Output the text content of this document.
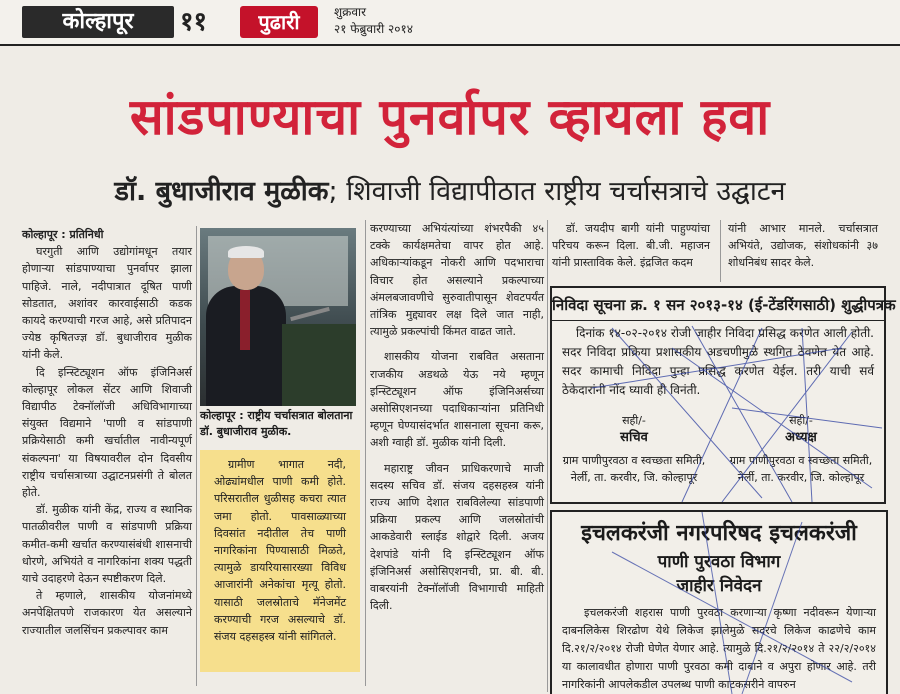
कोल्हापूर	११	पुढारी	शुक्रवार
२१ फेब्रुवारी २०१४
सांडपाण्याचा पुनर्वापर व्हायला हवा
डॉ. बुधाजीराव मुळीक; शिवाजी विद्यापीठात राष्ट्रीय चर्चासत्राचे उद्घाटन

कोल्हापूर : प्रतिनिधी

घरगुती आणि उद्योगांमधून तयार होणाऱ्या सांडपाण्याचा पुनर्वापर झाला पाहिजे. नाले, नदीपात्रात दूषित पाणी सोडतात, अशांवर कारवाईसाठी कडक कायदे करण्याची गरज आहे, असे प्रतिपादन ज्येष्ठ कृषितज्ज्ञ डॉ. बुधाजीराव मुळीक यांनी केले.

दि इन्स्टिट्यूशन ऑफ इंजिनिअर्स कोल्हापूर लोकल सेंटर आणि शिवाजी विद्यापीठ टेक्नॉलॉजी अधिविभागाच्या संयुक्त विद्यमाने 'पाणी व सांडपाणी प्रक्रियेसाठी कमी खर्चातील नावीन्यपूर्ण संकल्पना' या विषयावरील दोन दिवसीय राष्ट्रीय चर्चासत्राच्या उद्घाटनप्रसंगी ते बोलत होते.

डॉ. मुळीक यांनी केंद्र, राज्य व स्थानिक पातळीवरील पाणी व सांडपाणी प्रक्रिया कमीत-कमी खर्चात करण्यासंबंधी शासनाची धोरणे, अभियंते व नागरिकांना शक्य पद्धती याचे उदाहरणे देऊन स्पष्टीकरण दिले.

ते म्हणाले, शासकीय योजनांमध्ये अनपेक्षितपणे राजकारण येत असल्याने राज्यातील जलसिंचन प्रकल्पावर काम

कोल्हापूर : राष्ट्रीय चर्चासत्रात बोलताना डॉ. बुधाजीराव मुळीक.
ग्रामीण भागात नदी, ओढ्यांमधील पाणी कमी होते. परिसरातील धुळीसह कचरा त्यात जमा होतो. पावसाळ्याच्या दिवसांत नदीतील तेच पाणी नागरिकांना पिण्यासाठी मिळते, त्यामुळे डायरियासारख्या विविध आजारांनी अनेकांचा मृत्यू होतो. यासाठी जलस्रोताचे मॅनेजमेंट करण्याची गरज असल्याचे डॉ. संजय दहसहस्त्र यांनी सांगितले.

करण्याच्या अभियंत्यांच्या शंभरपैकी ४५ टक्के कार्यक्षमतेचा वापर होत आहे. अधिकाऱ्यांकडून नोकरी आणि पदभाराचा विचार होत असल्याने प्रकल्पाच्या अंमलबजावणीचे सुरुवातीपासून शेवटपर्यंत तांत्रिक मुद्द्यावर लक्ष दिले जात नाही, त्यामुळे प्रकल्पांची किंमत वाढत जाते.

शासकीय योजना राबवित असताना राजकीय अडथळे येऊ नये म्हणून इन्स्टिट्यूशन ऑफ इंजिनिअर्सच्या असोसिएशनच्या पदाधिकाऱ्यांना प्रतिनिधी म्हणून घेण्यासंदर्भात शासनाला सूचना करू, अशी ग्वाही डॉ. मुळीक यांनी दिली.

महाराष्ट्र जीवन प्राधिकरणाचे माजी सदस्य सचिव डॉ. संजय दहसहस्त्र यांनी राज्य आणि देशात राबविलेल्या सांडपाणी प्रक्रिया प्रकल्प आणि जलस्रोतांची आकडेवारी स्लाईड शोद्वारे दिली. अजय देशपांडे यांनी दि इन्स्टिट्यूशन ऑफ इंजिनिअर्स असोसिएशनची, प्रा. बी. बी. वाबरयांनी टेक्नॉलॉजी विभागाची माहिती दिली.

डॉ. जयदीप बागी यांनी पाहुण्यांचा परिचय करून दिला. बी.जी. महाजन यांनी प्रास्ताविक केले. इंद्रजित कदम

यांनी आभार मानले. चर्चासत्रात अभियंते, उद्योजक, संशोधकांनी ३७ शोधनिबंध सादर केले.

निविदा सूचना क्र. १ सन २०१३-१४ (ई-टेंडरिंगसाठी) शुद्धीपत्रक
दिनांक १४-०२-२०१४ रोजी जाहीर निविदा प्रसिद्ध करणेत आली होती. सदर निविदा प्रक्रिया प्रशासकीय अडचणीमुळे स्थगित ठेवणेत येत आहे. सदर कामाची निविदा पुन्हा प्रसिद्ध करणेत येईल. तरी याची सर्व ठेकेदारांनी नोंद घ्यावी ही विनंती.
सही/-
सचिव
ग्राम पाणीपुरवठा व स्वच्छता समिती,
नेर्ली, ता. करवीर, जि. कोल्हापूर
सही/-
अध्यक्ष
ग्राम पाणीपुरवठा व स्वच्छता समिती,
नेर्ली, ता. करवीर, जि. कोल्हापूर
इचलकरंजी नगरपरिषद इचलकरंजी
पाणी पुरवठा विभाग
जाहीर निवेदन
इचलकरंजी शहरास पाणी पुरवठा करणाऱ्या कृष्णा नदीवरून येणाऱ्या दाबनलिकेस शिरढोण येथे लिकेज झालेमुळे सदरचे लिकेज काढणेचे काम दि.२१/२/२०१४ रोजी घेणेत येणार आहे. त्यामुळे दि.२१/२/२०१४ ते २२/२/२०१४ या कालावधीत होणारा पाणी पुरवठा कमी दाबाने व अपुरा होणार आहे. तरी नागरिकांनी आपलेकडील उपलब्ध पाणी काटकसरीने वापरुन
